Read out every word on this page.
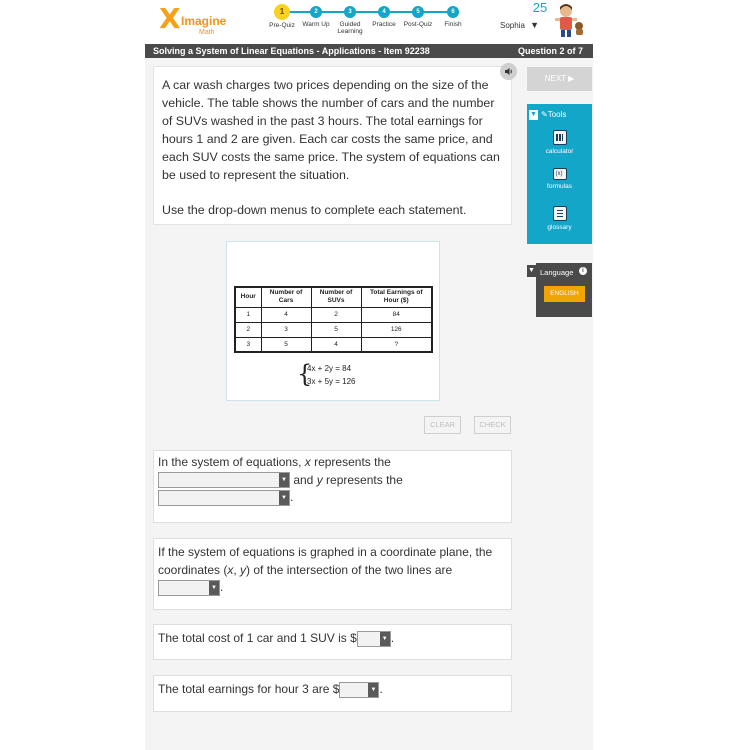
X Imagine
Math
1
Pre-Quiz
2
Warm Up
3
Guided Learning
4
Practice
5
Post-Quiz
6
Finish
25
Sophia ▼
Solving a System of Linear Equations - Applications - Item 92238	Question 2 of 7

A car wash charges two prices depending on the size of the vehicle. The table shows the number of cars and the number of SUVs washed in the past 3 hours. The total earnings for hours 1 and 2 are given. Each car costs the same price, and each SUV costs the same price. The system of equations can be used to represent the situation.

Use the drop-down menus to complete each statement.

NEXT ▶
▼ ✎Tools
calculator
(x)
formulas
glossary
▼ Language	i
ENGLISH
Hour	Number of Cars	Number of SUVs	Total Earnings of Hour ($)
1	4	2	84
2	3	5	126
3	5	4	?
{
4x + 2y = 84
3x + 5y = 126
CLEAR	CHECK
In the system of equations, x represents the
▼ and y represents the
▼ .
If the system of equations is graphed in a coordinate plane, the coordinates (x, y) of the intersection of the two lines are
▼ .
The total cost of 1 car and 1 SUV is $	▼ .
The total earnings for hour 3 are $	▼ .
